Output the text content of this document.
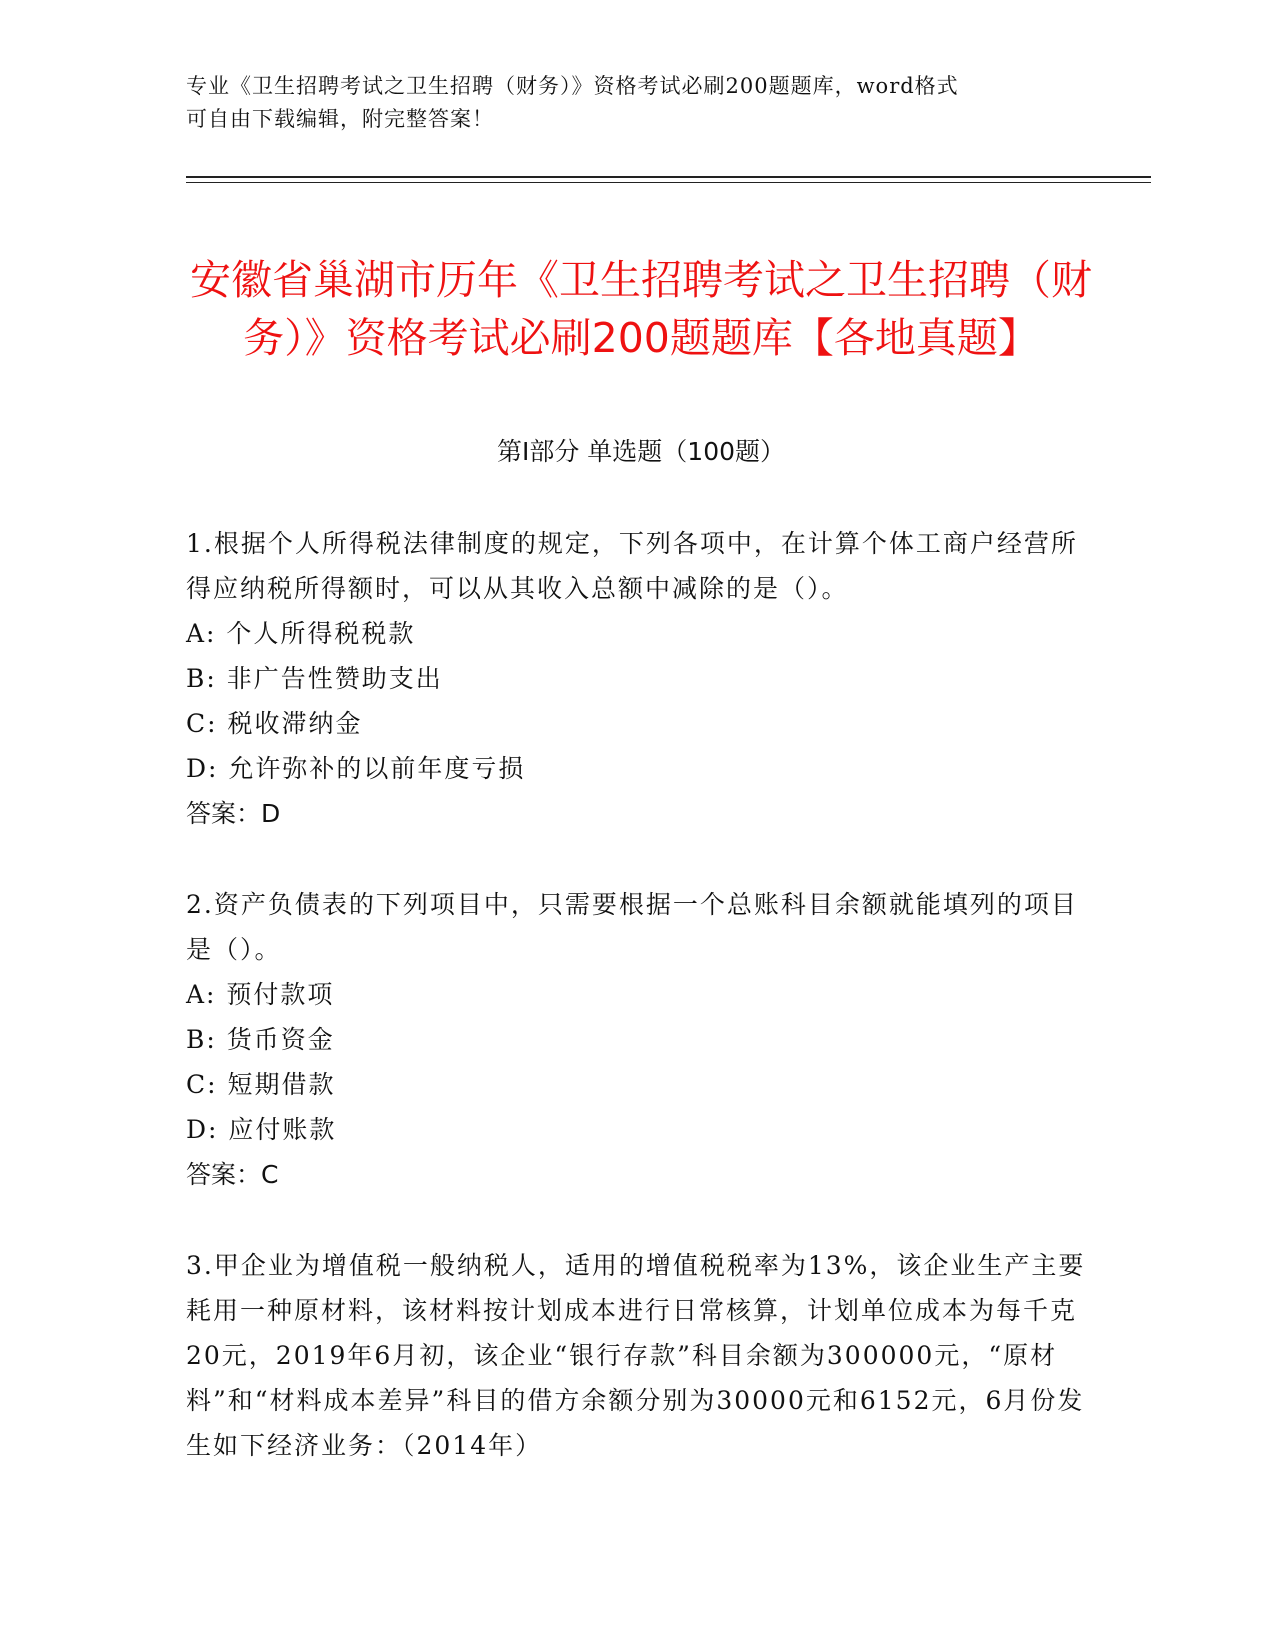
专业《卫生招聘考试之卫生招聘（财务）》资格考试必刷200题题库，word格式
可自由下载编辑，附完整答案！
安徽省巢湖市历年《卫生招聘考试之卫生招聘（财务）》资格考试必刷200题题库【各地真题】
第I部分 单选题（100题）
1.根据个人所得税法律制度的规定，下列各项中，在计算个体工商户经营所得应纳税所得额时，可以从其收入总额中减除的是（）。
A: 个人所得税税款
B: 非广告性赞助支出
C: 税收滞纳金
D: 允许弥补的以前年度亏损
答案：D
2.资产负债表的下列项目中，只需要根据一个总账科目余额就能填列的项目是（）。
A: 预付款项
B: 货币资金
C: 短期借款
D: 应付账款
答案：C
3.甲企业为增值税一般纳税人，适用的增值税税率为13%，该企业生产主要耗用一种原材料，该材料按计划成本进行日常核算，计划单位成本为每千克20元，2019年6月初，该企业“银行存款”科目余额为300000元，“原材料”和“材料成本差异”科目的借方余额分别为30000元和6152元，6月份发生如下经济业务：（2014年）
